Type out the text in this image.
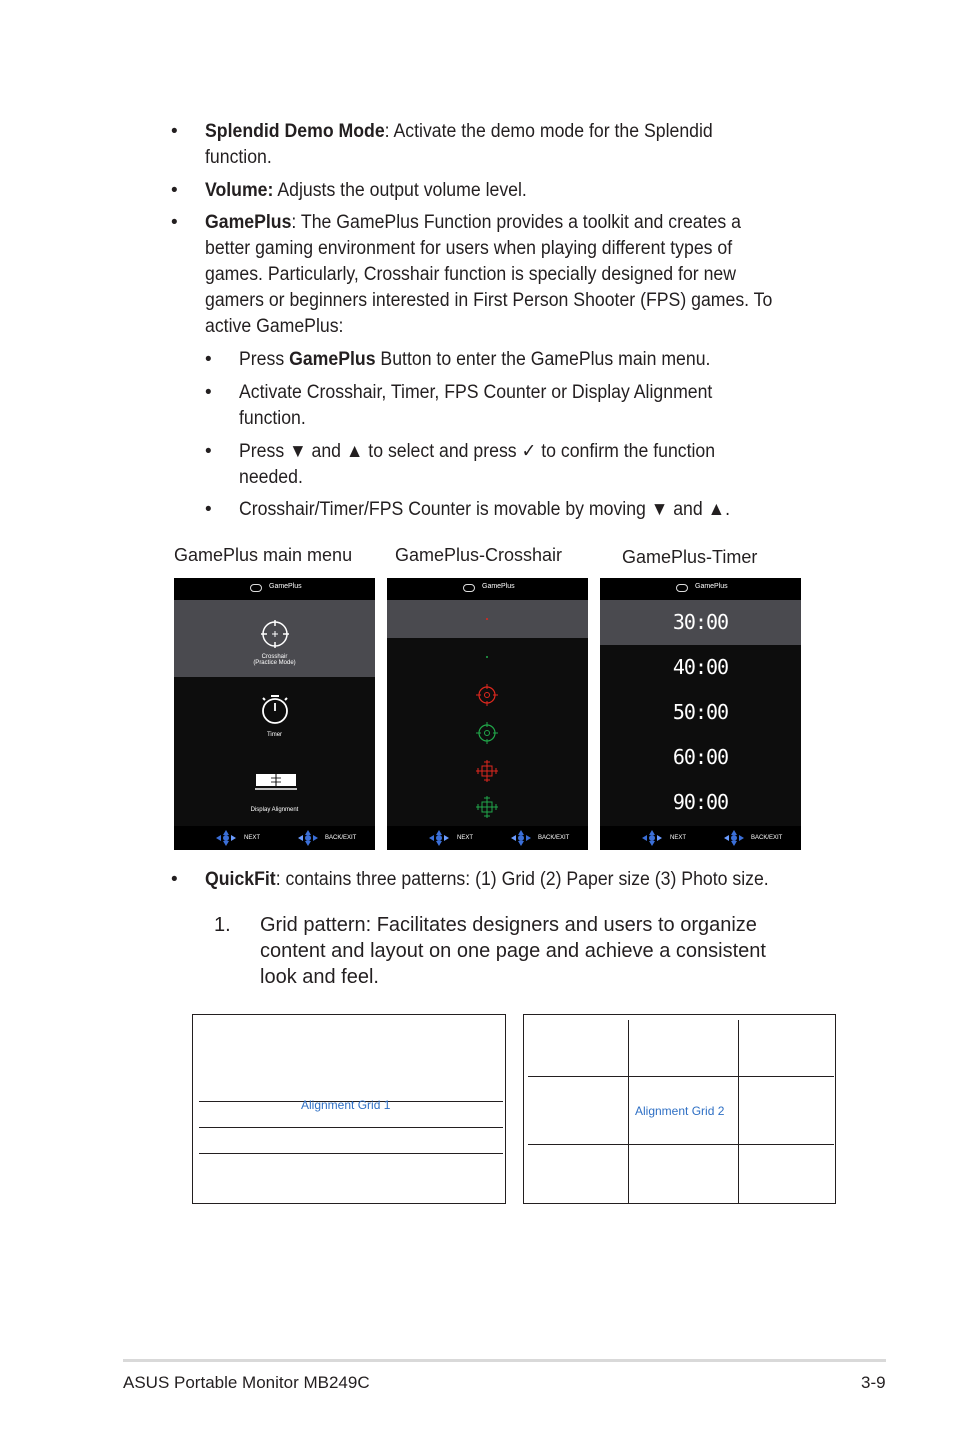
• Splendid Demo Mode: Activate the demo mode for the Splendid
function.
• Volume: Adjusts the output volume level.
• GamePlus: The GamePlus Function provides a toolkit and creates a
better gaming environment for users when playing different types of
games. Particularly, Crosshair function is specially designed for new
gamers or beginners interested in First Person Shooter (FPS) games. To
active GamePlus:
• Press GamePlus Button to enter the GamePlus main menu.
• Activate Crosshair, Timer, FPS Counter or Display Alignment
function.
• Press ▼ and ▲ to select and press ✓ to confirm the function
needed.
• Crosshair/Timer/FPS Counter is movable by moving ▼ and ▲.
GamePlus main menu GamePlus-Crosshair	GamePlus-Timer
GamePlus
Crosshair
(Practice Mode)
Timer
Display Alignment
NEXT	BACK/EXIT
GamePlus
NEXT	BACK/EXIT
GamePlus
30:00
40:00
50:00
60:00
90:00
NEXT	BACK/EXIT
• QuickFit: contains three patterns: (1) Grid (2) Paper size (3) Photo size.
1. Grid pattern: Facilitates designers and users to organize
content and layout on one page and achieve a consistent
look and feel.
Alignment Grid 1	Alignment Grid 2
ASUS Portable Monitor MB249C	3-9
